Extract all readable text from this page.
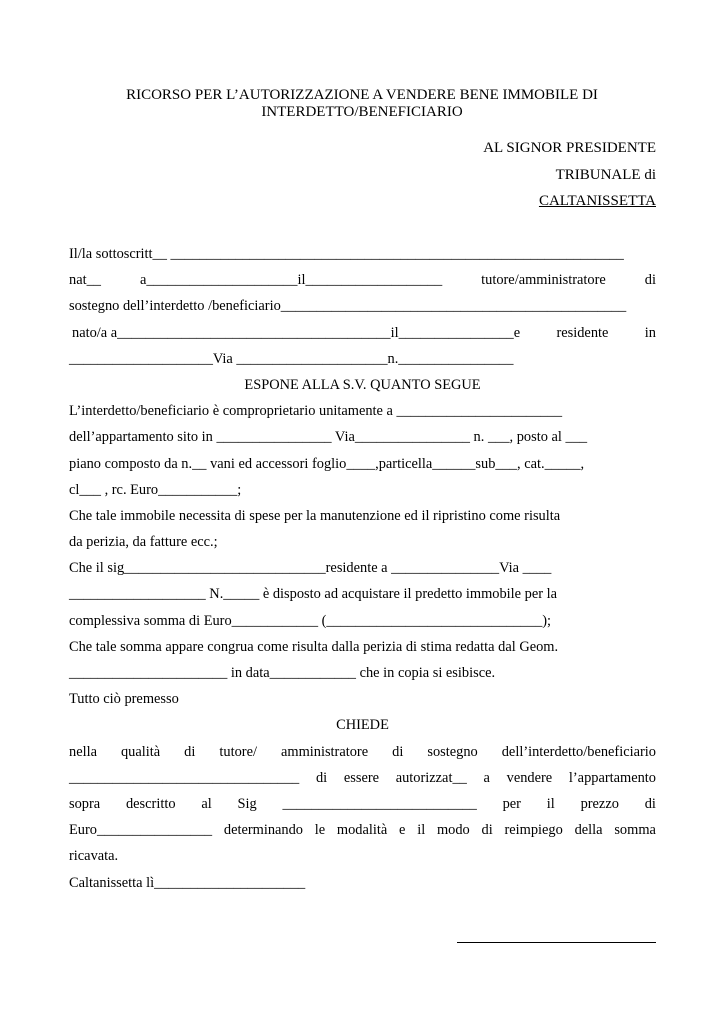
RICORSO PER L’AUTORIZZAZIONE A VENDERE BENE IMMOBILE DI
INTERDETTO/BENEFICIARIO
AL SIGNOR PRESIDENTE
TRIBUNALE di
CALTANISSETTA
Il/la sottoscritt__ _______________________________________________________________
nat__	a_____________________il___________________	tutore/amministratore	di
sostegno dell’interdetto /beneficiario________________________________________________
nato/a a______________________________________il________________e	residente	in
____________________Via _____________________n.________________
ESPONE ALLA S.V. QUANTO SEGUE
L’interdetto/beneficiario è comproprietario unitamente a _______________________
dell’appartamento sito in ________________ Via________________ n. ___, posto al ___
piano composto da n.__ vani ed accessori foglio____,particella______sub___, cat._____,
cl___ , rc. Euro___________;
Che tale immobile necessita di spese per la manutenzione ed il ripristino come risulta
da perizia, da fatture ecc.;
Che il sig____________________________residente a _______________Via ____
___________________ N._____ è disposto ad acquistare il predetto immobile per la
complessiva somma di Euro____________ (______________________________);
Che tale somma appare congrua come risulta dalla perizia di stima redatta dal Geom.
______________________ in data____________ che in copia si esibisce.
Tutto ciò premesso
CHIEDE
nella qualità di tutore/ amministratore di sostegno dell’interdetto/beneficiario
________________________________ di essere autorizzat__ a vendere l’appartamento
sopra descritto al Sig ___________________________ per il prezzo di
Euro________________ determinando le modalità e il modo di reimpiego della somma
ricavata.
Caltanissetta lì_____________________
